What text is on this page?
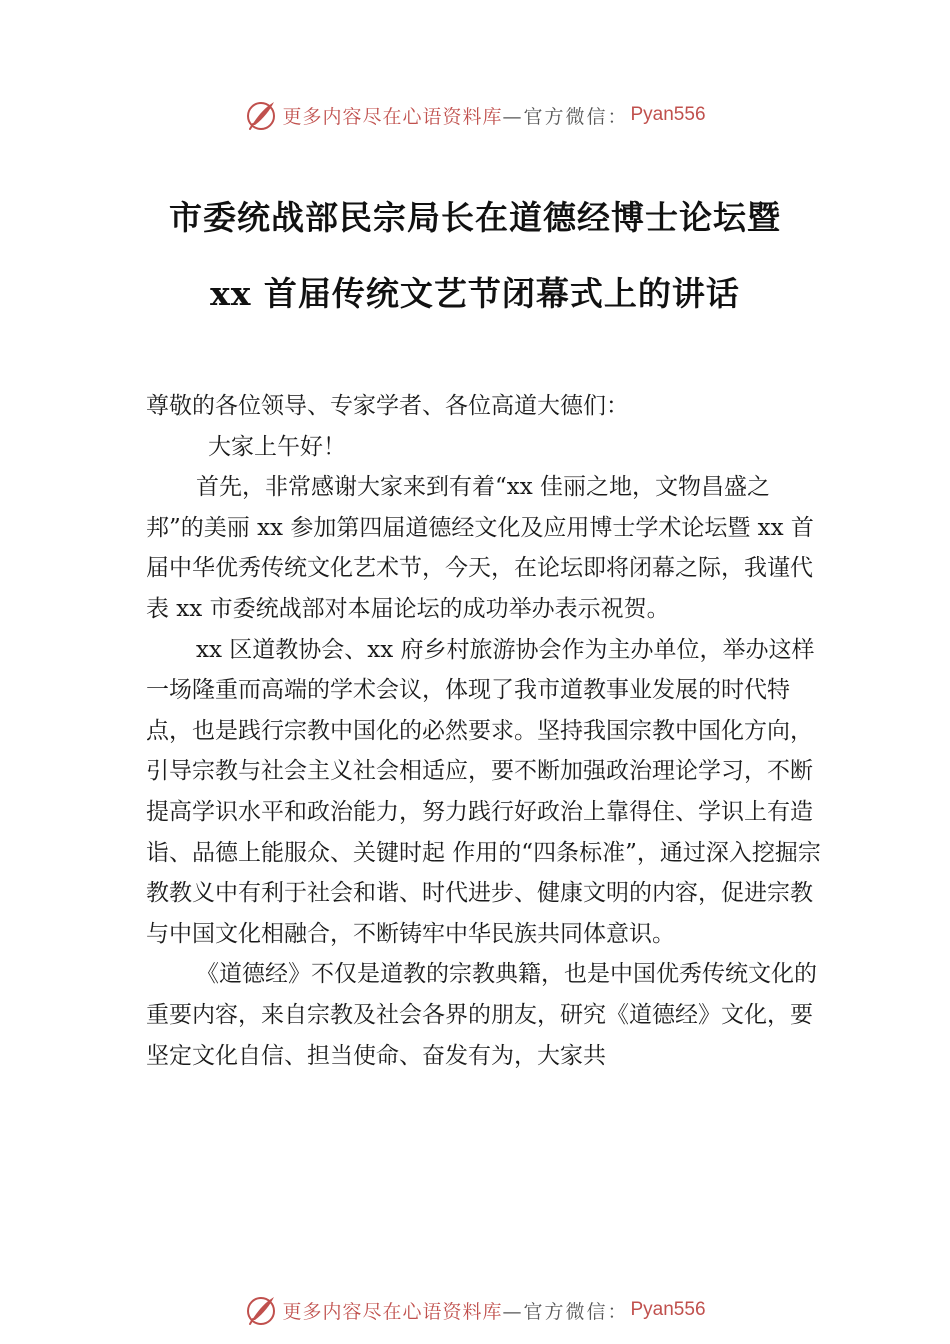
更多内容尽在心语资料库 —官方微信： Pyan556
市委统战部民宗局长在道德经博士论坛暨
xx 首届传统文艺节闭幕式上的讲话

尊敬的各位领导、专家学者、各位高道大德们：

大家上午好！

首先，非常感谢大家来到有着“xx 佳丽之地，文物昌盛之邦”的美丽 xx 参加第四届道德经文化及应用博士学术论坛暨 xx 首届中华优秀传统文化艺术节，今天，在论坛即将闭幕之际，我谨代表 xx 市委统战部对本届论坛的成功举办表示祝贺。

xx 区道教协会、xx 府乡村旅游协会作为主办单位，举办这样一场隆重而高端的学术会议，体现了我市道教事业发展的时代特点，也是践行宗教中国化的必然要求。坚持我国宗教中国化方向，引导宗教与社会主义社会相适应，要不断加强政治理论学习，不断提高学识水平和政治能力，努力践行好政治上靠得住、学识上有造诣、品德上能服众、关键时起 作用的“四条标准”，通过深入挖掘宗教教义中有利于社会和谐、时代进步、健康文明的内容，促进宗教与中国文化相融合，不断铸牢中华民族共同体意识。

《道德经》不仅是道教的宗教典籍，也是中国优秀传统文化的重要内容，来自宗教及社会各界的朋友，研究《道德经》文化，要坚定文化自信、担当使命、奋发有为，大家共

更多内容尽在心语资料库 —官方微信： Pyan556
